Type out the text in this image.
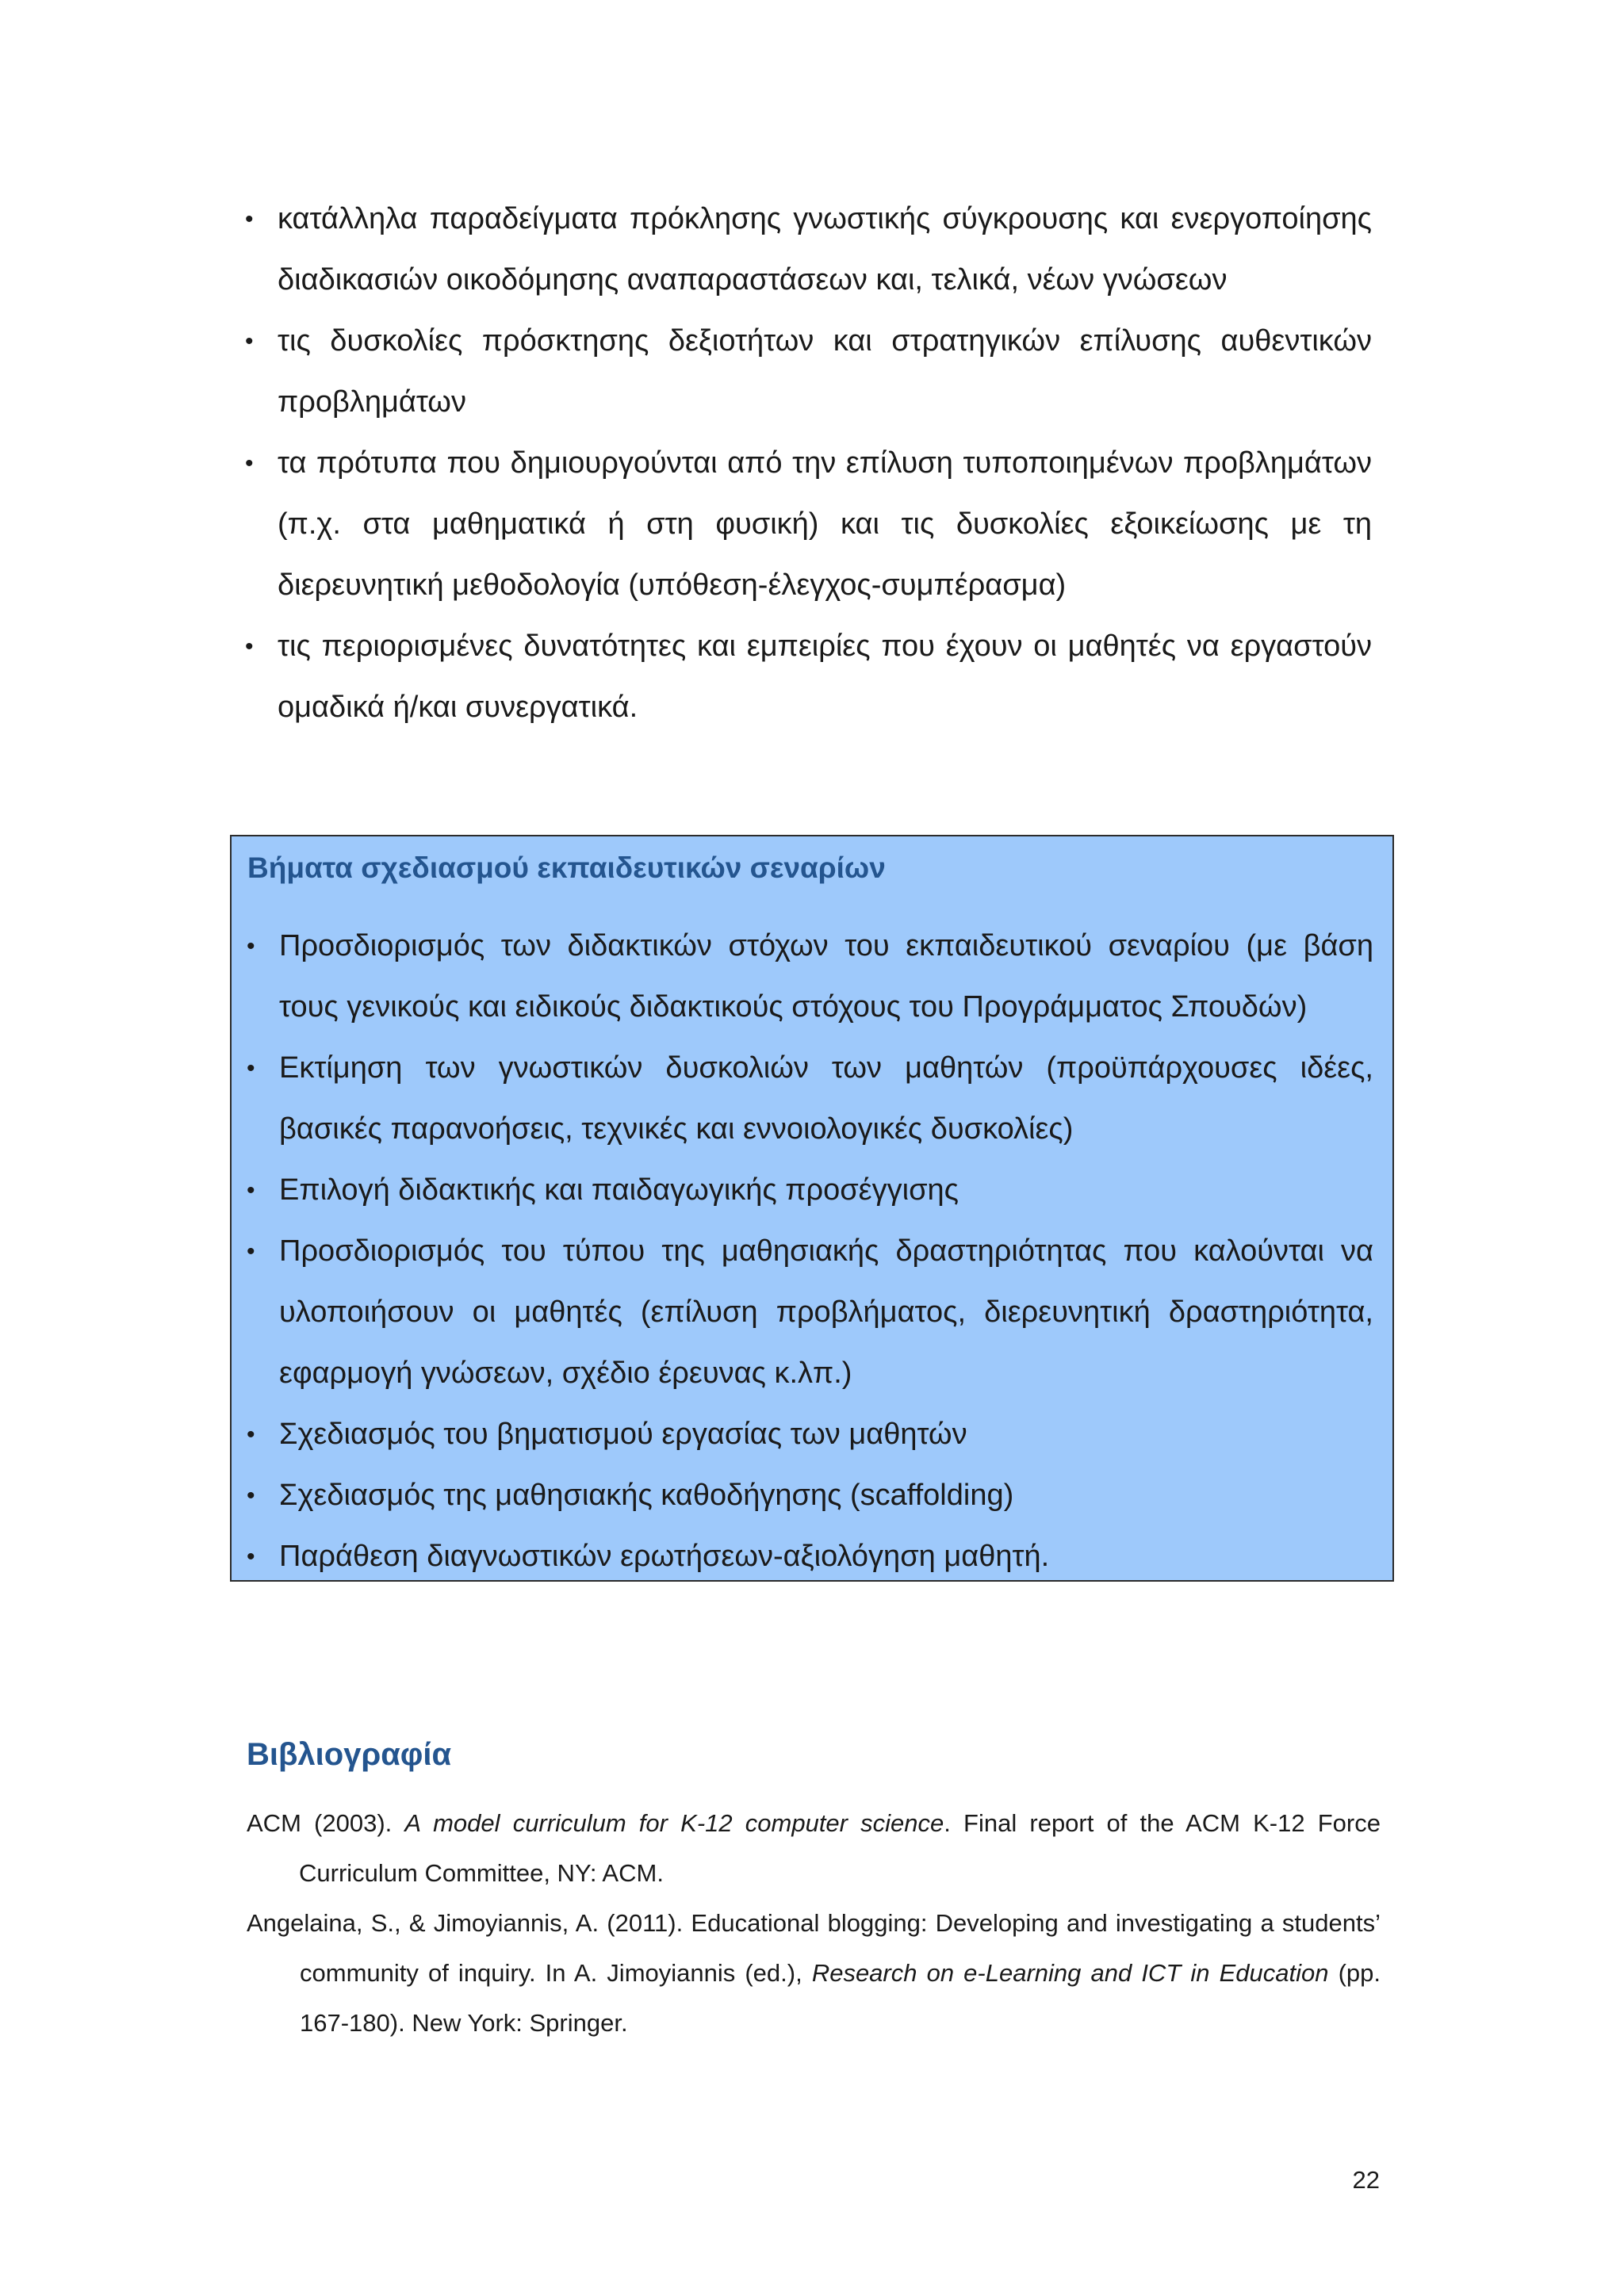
• κατάλληλα παραδείγματα πρόκλησης γνωστικής σύγκρουσης και ενεργοποίησης διαδικασιών οικοδόμησης αναπαραστάσεων και, τελικά, νέων γνώσεων
• τις δυσκολίες πρόσκτησης δεξιοτήτων και στρατηγικών επίλυσης αυθεντικών προβλημάτων
• τα πρότυπα που δημιουργούνται από την επίλυση τυποποιημένων προβλημάτων (π.χ. στα μαθηματικά ή στη φυσική) και τις δυσκολίες εξοικείωσης με τη διερευνητική μεθοδολογία (υπόθεση-έλεγχος-συμπέρασμα)
• τις περιορισμένες δυνατότητες και εμπειρίες που έχουν οι μαθητές να εργαστούν ομαδικά ή/και συνεργατικά.
Βήματα σχεδιασμού εκπαιδευτικών σεναρίων
• Προσδιορισμός των διδακτικών στόχων του εκπαιδευτικού σεναρίου (με βάση τους γενικούς και ειδικούς διδακτικούς στόχους του Προγράμματος Σπουδών)
• Εκτίμηση των γνωστικών δυσκολιών των μαθητών (προϋπάρχουσες ιδέες, βασικές παρανοήσεις, τεχνικές και εννοιολογικές δυσκολίες)
• Επιλογή διδακτικής και παιδαγωγικής προσέγγισης
• Προσδιορισμός του τύπου της μαθησιακής δραστηριότητας που καλούνται να υλοποιήσουν οι μαθητές (επίλυση προβλήματος, διερευνητική δραστηριότητα, εφαρμογή γνώσεων, σχέδιο έρευνας κ.λπ.)
• Σχεδιασμός του βηματισμού εργασίας των μαθητών
• Σχεδιασμός της μαθησιακής καθοδήγησης (scaffolding)
• Παράθεση διαγνωστικών ερωτήσεων-αξιολόγηση μαθητή.
Βιβλιογραφία

ACM (2003). A model curriculum for K-12 computer science. Final report of the ACM K-12 Force Curriculum Committee, NY: ACM.

Angelaina, S., & Jimoyiannis, A. (2011). Educational blogging: Developing and investigating a students’ community of inquiry. In A. Jimoyiannis (ed.), Research on e-Learning and ICT in Education (pp. 167-180). New York: Springer.

22
